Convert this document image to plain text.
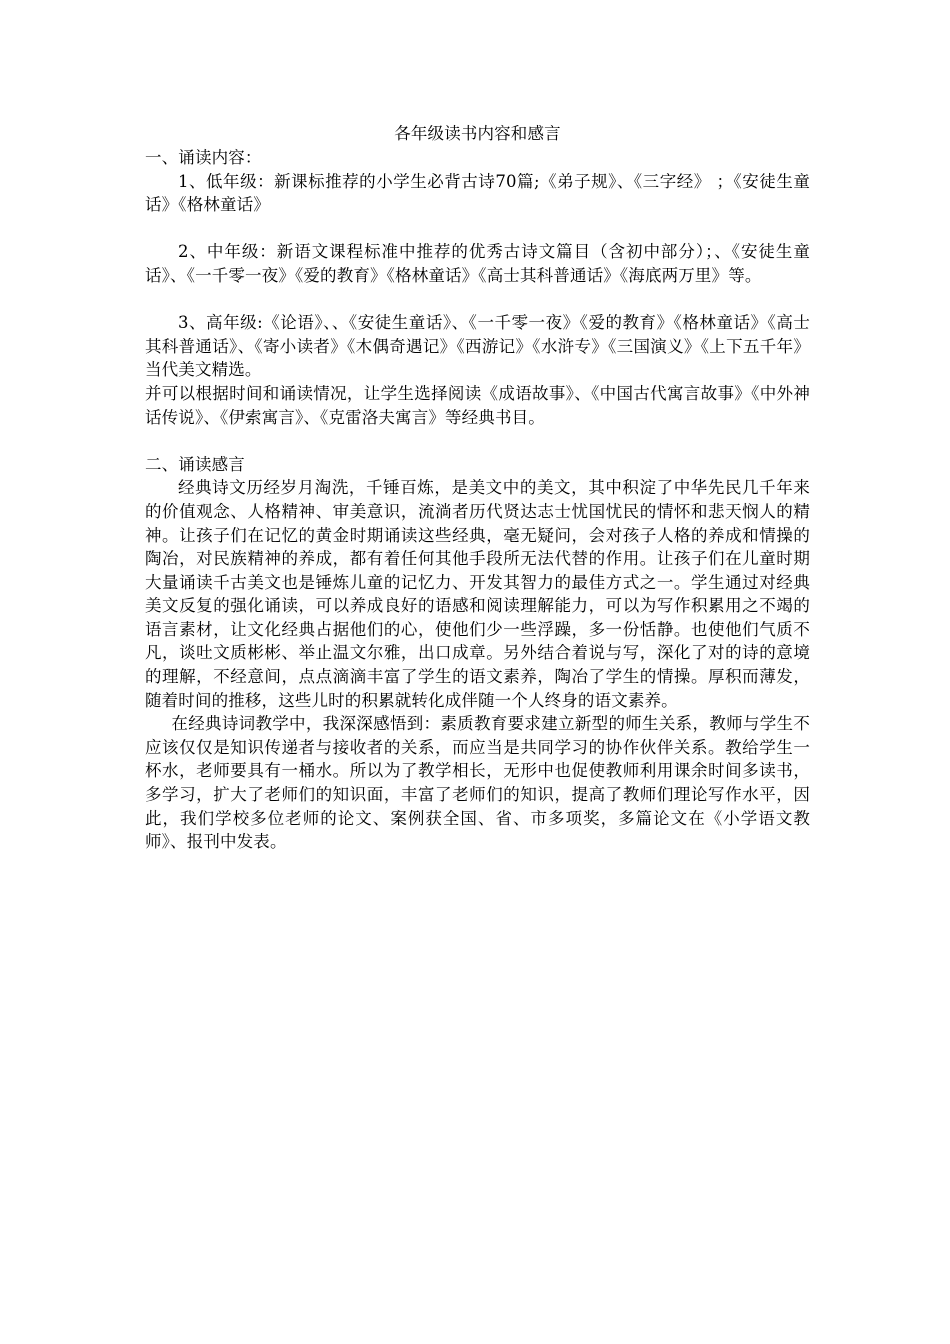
各年级读书内容和感言

一、诵读内容：

1、低年级：新课标推荐的小学生必背古诗70篇;《弟子规》、《三字经》 ；《安徒生童话》《格林童话》

2、中年级：新语文课程标准中推荐的优秀古诗文篇目（含初中部分）；、《安徒生童话》、《一千零一夜》《爱的教育》《格林童话》《高士其科普通话》《海底两万里》等。

3、高年级:《论语》、、《安徒生童话》、《一千零一夜》《爱的教育》《格林童话》《高士其科普通话》、《寄小读者》《木偶奇遇记》《西游记》《水浒专》《三国演义》《上下五千年》当代美文精选。

并可以根据时间和诵读情况，让学生选择阅读《成语故事》、《中国古代寓言故事》《中外神话传说》、《伊索寓言》、《克雷洛夫寓言》等经典书目。

二、诵读感言

经典诗文历经岁月淘洗，千锤百炼，是美文中的美文，其中积淀了中华先民几千年来的价值观念、人格精神、审美意识，流淌者历代贤达志士忧国忧民的情怀和悲天悯人的精神。让孩子们在记忆的黄金时期诵读这些经典，毫无疑问，会对孩子人格的养成和情操的陶冶，对民族精神的养成，都有着任何其他手段所无法代替的作用。让孩子们在儿童时期大量诵读千古美文也是锤炼儿童的记忆力、开发其智力的最佳方式之一。学生通过对经典美文反复的强化诵读，可以养成良好的语感和阅读理解能力，可以为写作积累用之不竭的语言素材，让文化经典占据他们的心，使他们少一些浮躁，多一份恬静。也使他们气质不凡，谈吐文质彬彬、举止温文尔雅，出口成章。另外结合着说与写，深化了对的诗的意境的理解，不经意间，点点滴滴丰富了学生的语文素养，陶冶了学生的情操。厚积而薄发，随着时间的推移，这些儿时的积累就转化成伴随一个人终身的语文素养。

在经典诗词教学中，我深深感悟到：素质教育要求建立新型的师生关系，教师与学生不应该仅仅是知识传递者与接收者的关系，而应当是共同学习的协作伙伴关系。教给学生一杯水，老师要具有一桶水。所以为了教学相长，无形中也促使教师利用课余时间多读书，多学习，扩大了老师们的知识面，丰富了老师们的知识，提高了教师们理论写作水平，因此，我们学校多位老师的论文、案例获全国、省、市多项奖，多篇论文在《小学语文教师》、报刊中发表。
